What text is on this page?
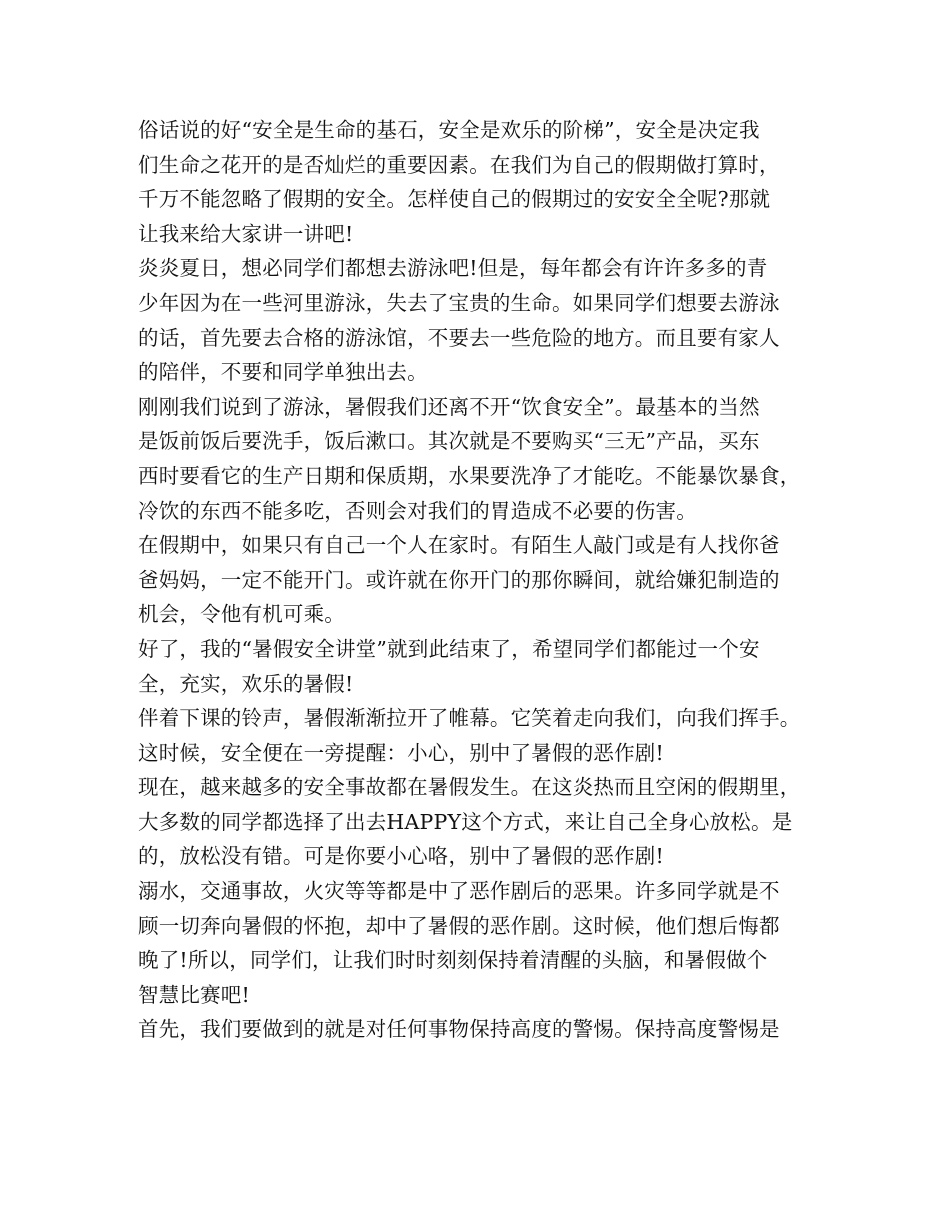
俗话说的好“安全是生命的基石，安全是欢乐的阶梯”，安全是决定我
们生命之花开的是否灿烂的重要因素。在我们为自己的假期做打算时，
千万不能忽略了假期的安全。怎样使自己的假期过的安安全全呢?那就
让我来给大家讲一讲吧!
炎炎夏日，想必同学们都想去游泳吧!但是，每年都会有许许多多的青
少年因为在一些河里游泳，失去了宝贵的生命。如果同学们想要去游泳
的话，首先要去合格的游泳馆，不要去一些危险的地方。而且要有家人
的陪伴，不要和同学单独出去。
刚刚我们说到了游泳，暑假我们还离不开“饮食安全”。最基本的当然
是饭前饭后要洗手，饭后漱口。其次就是不要购买“三无”产品，买东
西时要看它的生产日期和保质期，水果要洗净了才能吃。不能暴饮暴食，
冷饮的东西不能多吃，否则会对我们的胃造成不必要的伤害。
在假期中，如果只有自己一个人在家时。有陌生人敲门或是有人找你爸
爸妈妈，一定不能开门。或许就在你开门的那你瞬间，就给嫌犯制造的
机会，令他有机可乘。
好了，我的“暑假安全讲堂”就到此结束了，希望同学们都能过一个安
全，充实，欢乐的暑假!
伴着下课的铃声，暑假渐渐拉开了帷幕。它笑着走向我们，向我们挥手。
这时候，安全便在一旁提醒：小心，别中了暑假的恶作剧!
现在，越来越多的安全事故都在暑假发生。在这炎热而且空闲的假期里，
大多数的同学都选择了出去HAPPY这个方式，来让自己全身心放松。是
的，放松没有错。可是你要小心咯，别中了暑假的恶作剧!
溺水，交通事故，火灾等等都是中了恶作剧后的恶果。许多同学就是不
顾一切奔向暑假的怀抱，却中了暑假的恶作剧。这时候，他们想后悔都
晚了!所以，同学们，让我们时时刻刻保持着清醒的头脑，和暑假做个
智慧比赛吧!
首先，我们要做到的就是对任何事物保持高度的警惕。保持高度警惕是
